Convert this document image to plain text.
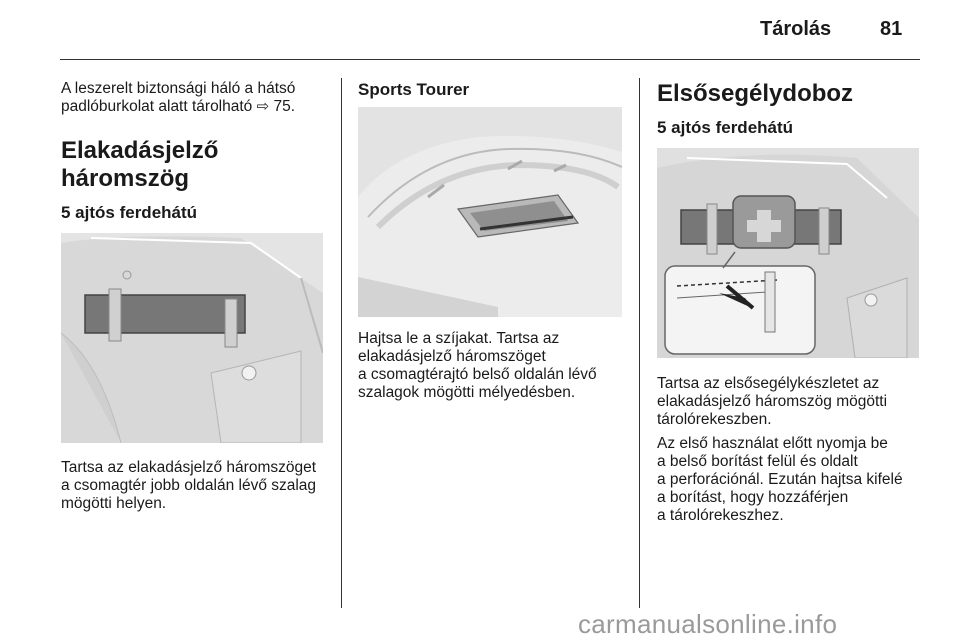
Tárolás 81

A leszerelt biztonsági háló a hátsó
padlóburkolat alatt tárolható ⇨ 75.

Elakadásjelző háromszög
5 ajtós ferdehátú

Tartsa az elakadásjelző háromszöget
a csomagtér jobb oldalán lévő szalag
mögötti helyen.

Sports Tourer

Hajtsa le a szíjakat. Tartsa az
elakadásjelző háromszöget
a csomagtérajtó belső oldalán lévő
szalagok mögötti mélyedésben.

Elsősegélydoboz
5 ajtós ferdehátú

Tartsa az elsősegélykészletet az
elakadásjelző háromszög mögötti
tárolórekeszben.

Az első használat előtt nyomja be
a belső borítást felül és oldalt
a perforációnál. Ezután hajtsa kifelé
a borítást, hogy hozzáférjen
a tárolórekeszhez.

carmanualsonline.info
